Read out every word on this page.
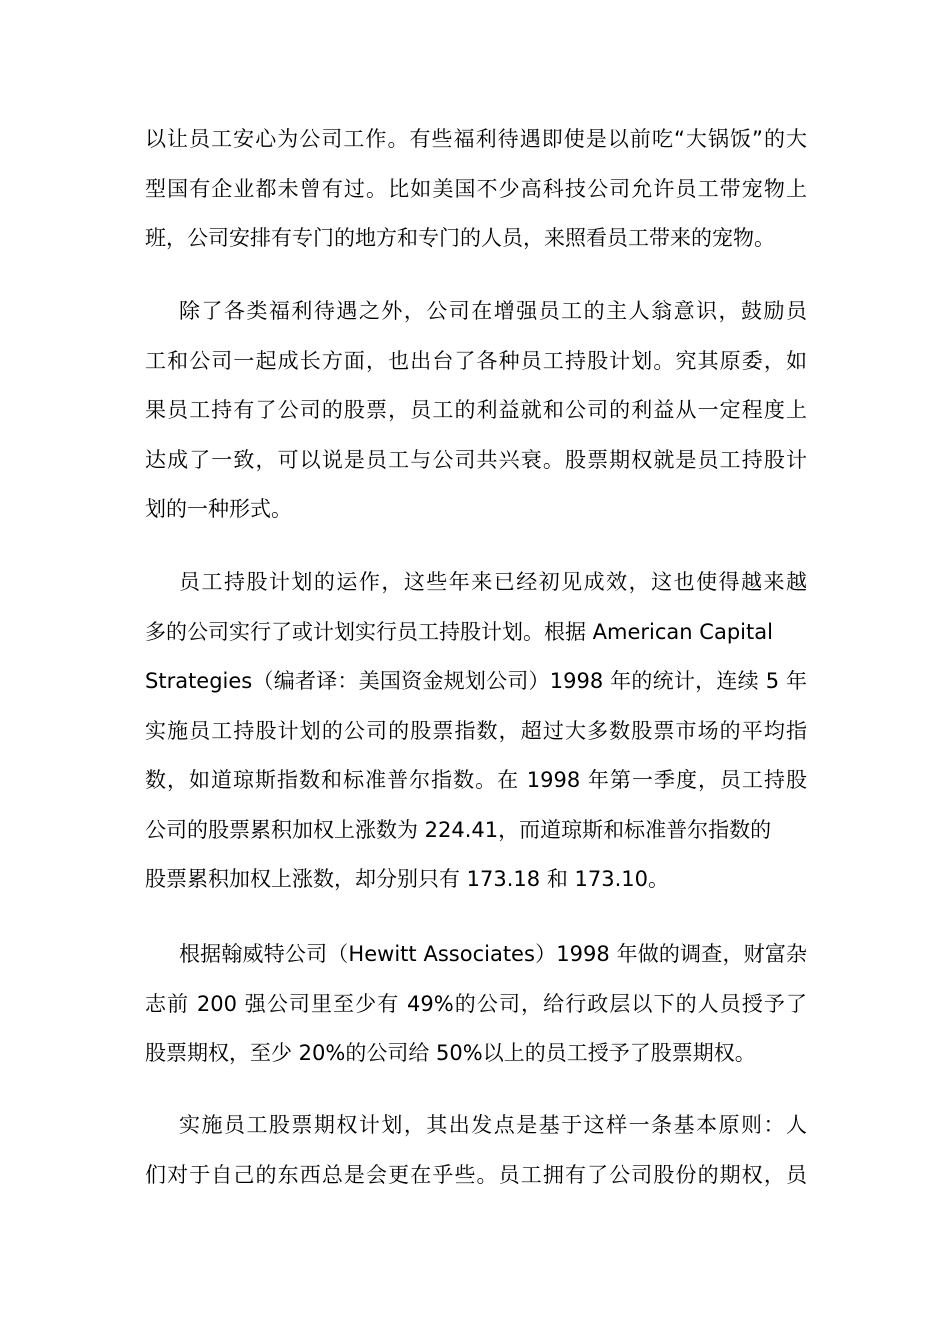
以让员工安心为公司工作。有些福利待遇即使是以前吃“大锅饭”的大
型国有企业都未曾有过。比如美国不少高科技公司允许员工带宠物上
班，公司安排有专门的地方和专门的人员，来照看员工带来的宠物。
除了各类福利待遇之外，公司在增强员工的主人翁意识，鼓励员
工和公司一起成长方面，也出台了各种员工持股计划。究其原委，如
果员工持有了公司的股票，员工的利益就和公司的利益从一定程度上
达成了一致，可以说是员工与公司共兴衰。股票期权就是员工持股计
划的一种形式。
员工持股计划的运作，这些年来已经初见成效，这也使得越来越
多的公司实行了或计划实行员工持股计划。根据 American Capital
Strategies（编者译：美国资金规划公司）1998 年的统计，连续 5 年
实施员工持股计划的公司的股票指数，超过大多数股票市场的平均指
数，如道琼斯指数和标准普尔指数。在 1998 年第一季度，员工持股
公司的股票累积加权上涨数为 224.41，而道琼斯和标准普尔指数的
股票累积加权上涨数，却分别只有 173.18 和 173.10。
根据翰威特公司（Hewitt Associates）1998 年做的调查，财富杂
志前 200 强公司里至少有 49%的公司，给行政层以下的人员授予了
股票期权，至少 20%的公司给 50%以上的员工授予了股票期权。
实施员工股票期权计划，其出发点是基于这样一条基本原则：人
们对于自己的东西总是会更在乎些。员工拥有了公司股份的期权，员
